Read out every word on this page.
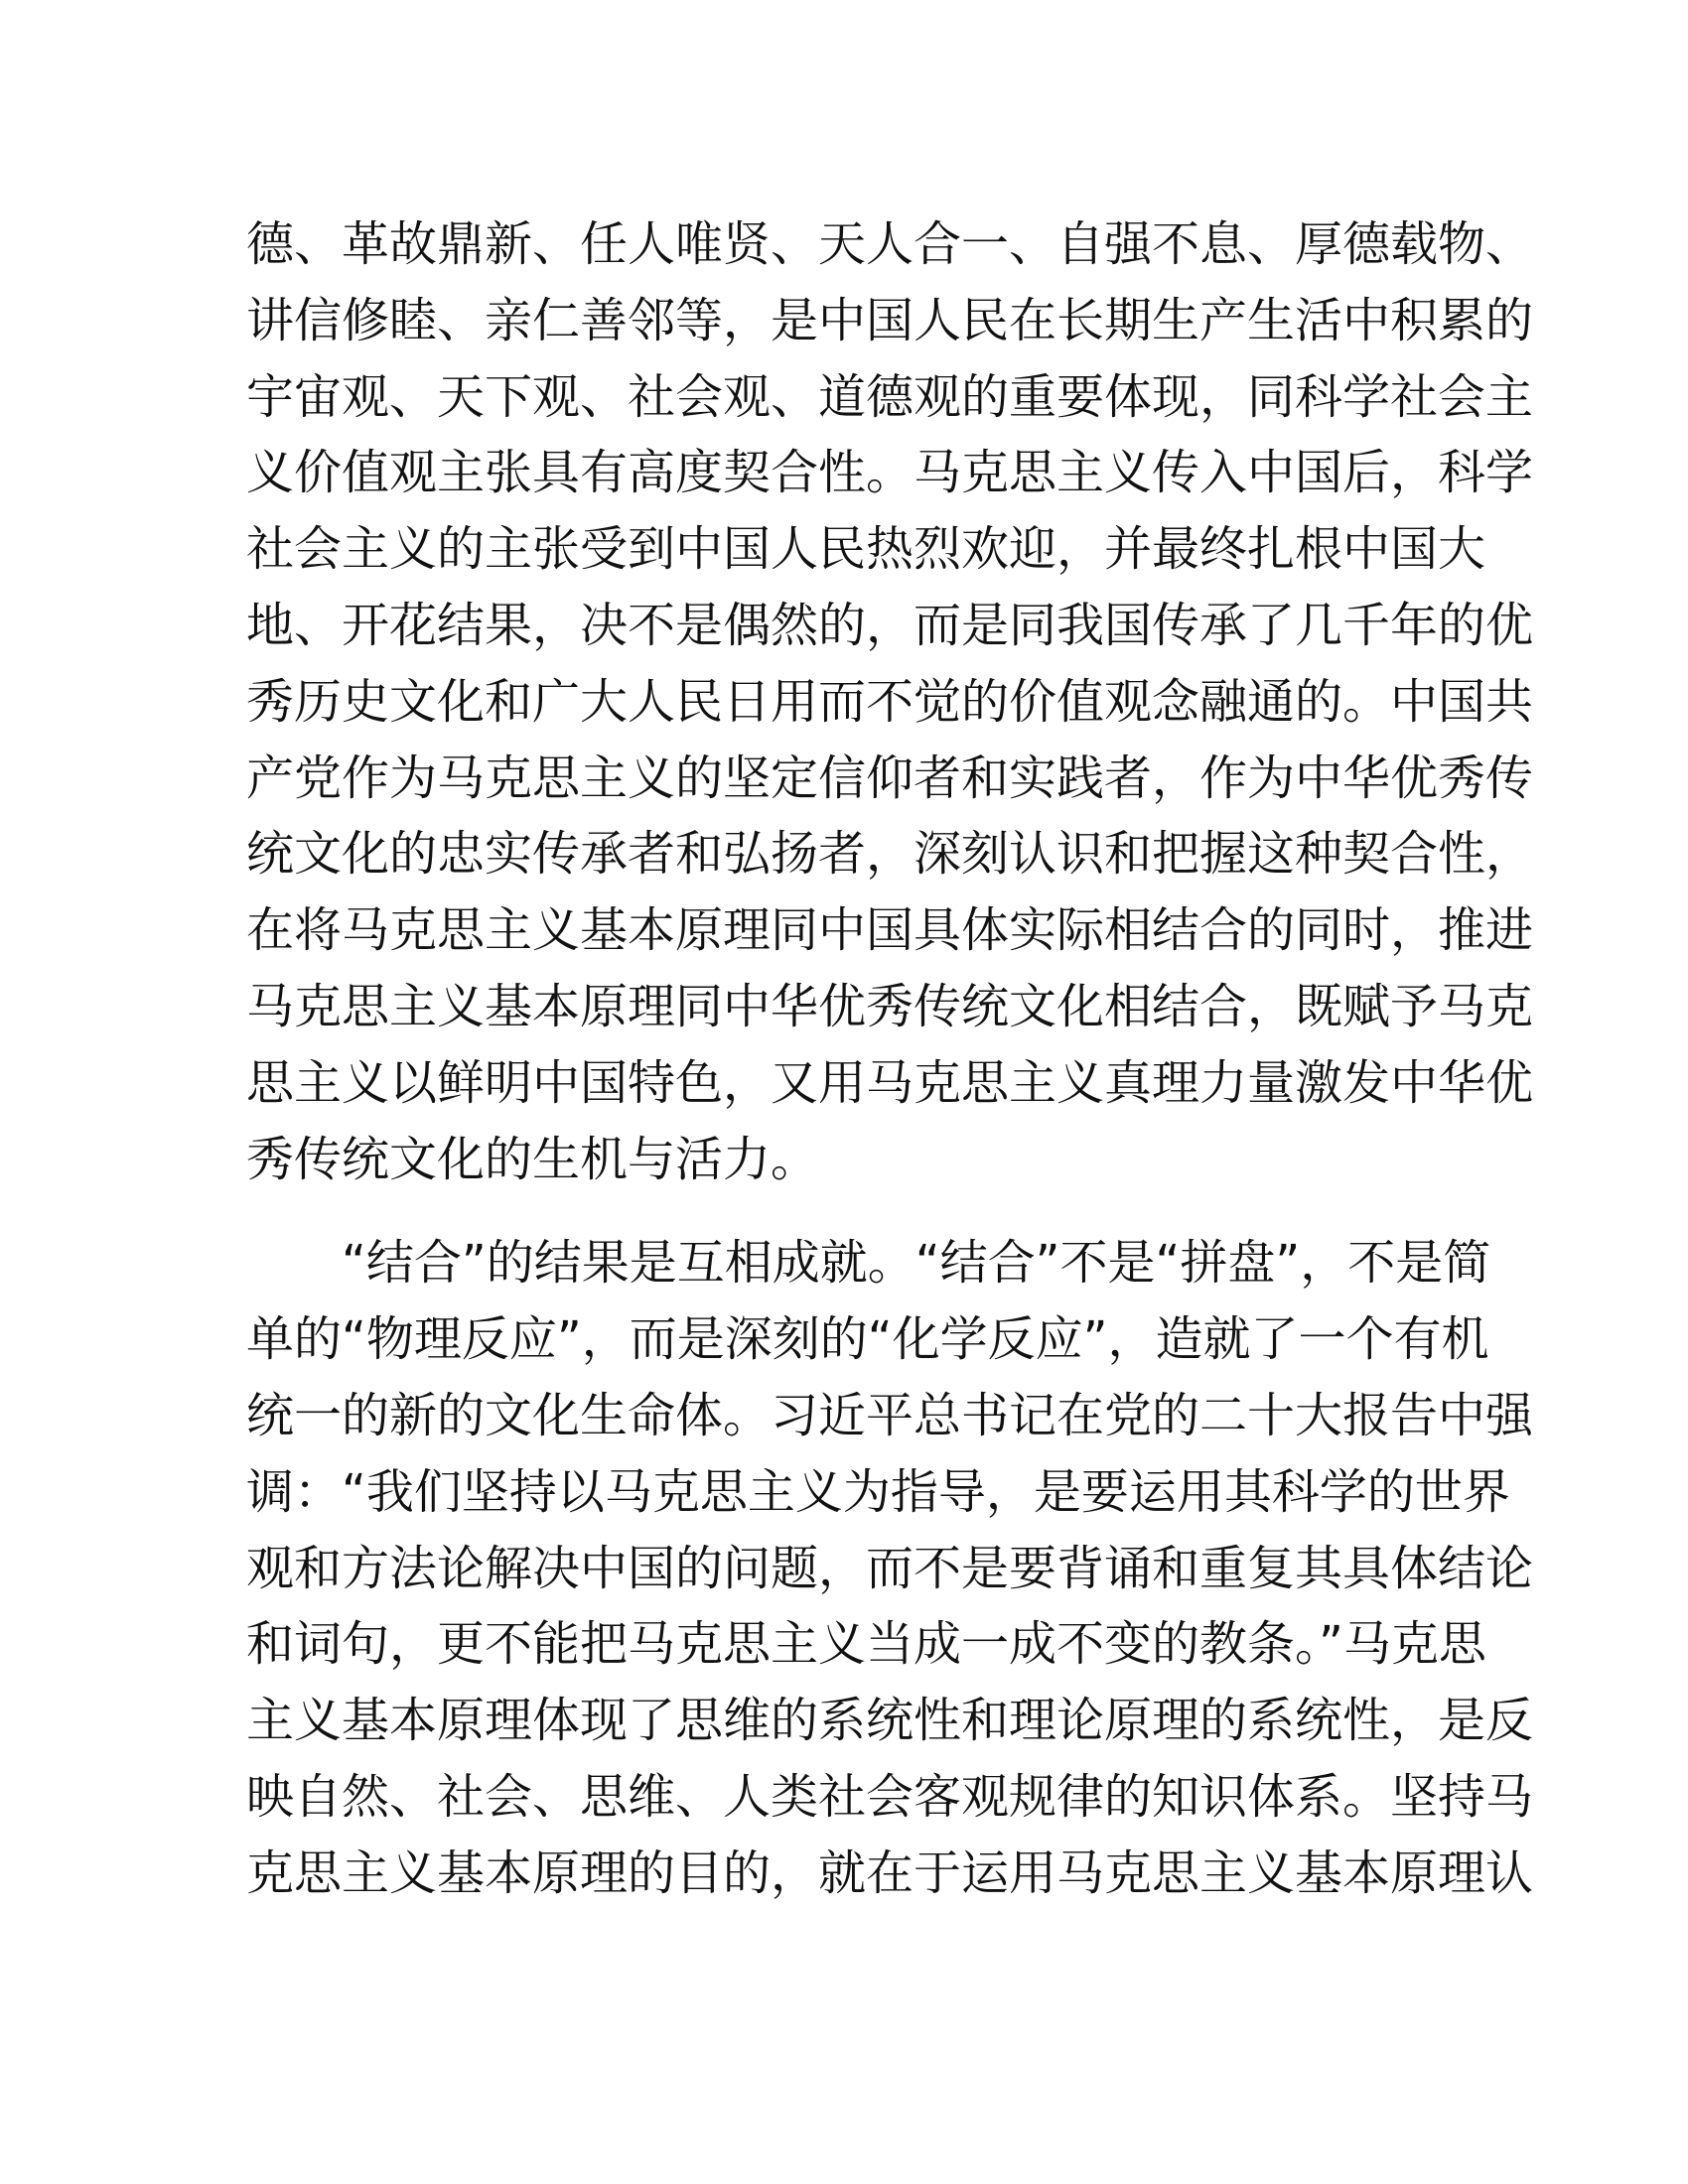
德、革故鼎新、任人唯贤、天人合一、自强不息、厚德载物、
讲信修睦、亲仁善邻等，是中国人民在长期生产生活中积累的
宇宙观、天下观、社会观、道德观的重要体现，同科学社会主
义价值观主张具有高度契合性。马克思主义传入中国后，科学
社会主义的主张受到中国人民热烈欢迎，并最终扎根中国大
地、开花结果，决不是偶然的，而是同我国传承了几千年的优
秀历史文化和广大人民日用而不觉的价值观念融通的。中国共
产党作为马克思主义的坚定信仰者和实践者，作为中华优秀传
统文化的忠实传承者和弘扬者，深刻认识和把握这种契合性，
在将马克思主义基本原理同中国具体实际相结合的同时，推进
马克思主义基本原理同中华优秀传统文化相结合，既赋予马克
思主义以鲜明中国特色，又用马克思主义真理力量激发中华优
秀传统文化的生机与活力。
“结合”的结果是互相成就。“结合”不是“拼盘”，不是简
单的“物理反应”，而是深刻的“化学反应”，造就了一个有机
统一的新的文化生命体。习近平总书记在党的二十大报告中强
调：“我们坚持以马克思主义为指导，是要运用其科学的世界
观和方法论解决中国的问题，而不是要背诵和重复其具体结论
和词句，更不能把马克思主义当成一成不变的教条。”马克思
主义基本原理体现了思维的系统性和理论原理的系统性，是反
映自然、社会、思维、人类社会客观规律的知识体系。坚持马
克思主义基本原理的目的，就在于运用马克思主义基本原理认
